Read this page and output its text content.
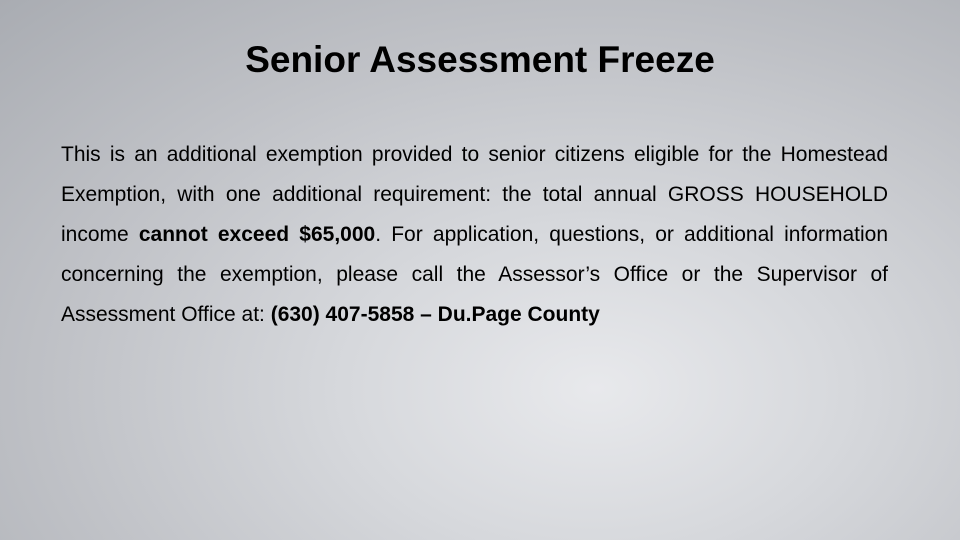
Senior Assessment Freeze

This is an additional exemption provided to senior citizens eligible for the Homestead Exemption, with one additional requirement: the total annual GROSS HOUSEHOLD income cannot exceed $65,000. For application, questions, or additional information concerning the exemption, please call the Assessor’s Office or the Supervisor of Assessment Office at: (630) 407-5858 – Du.Page County
